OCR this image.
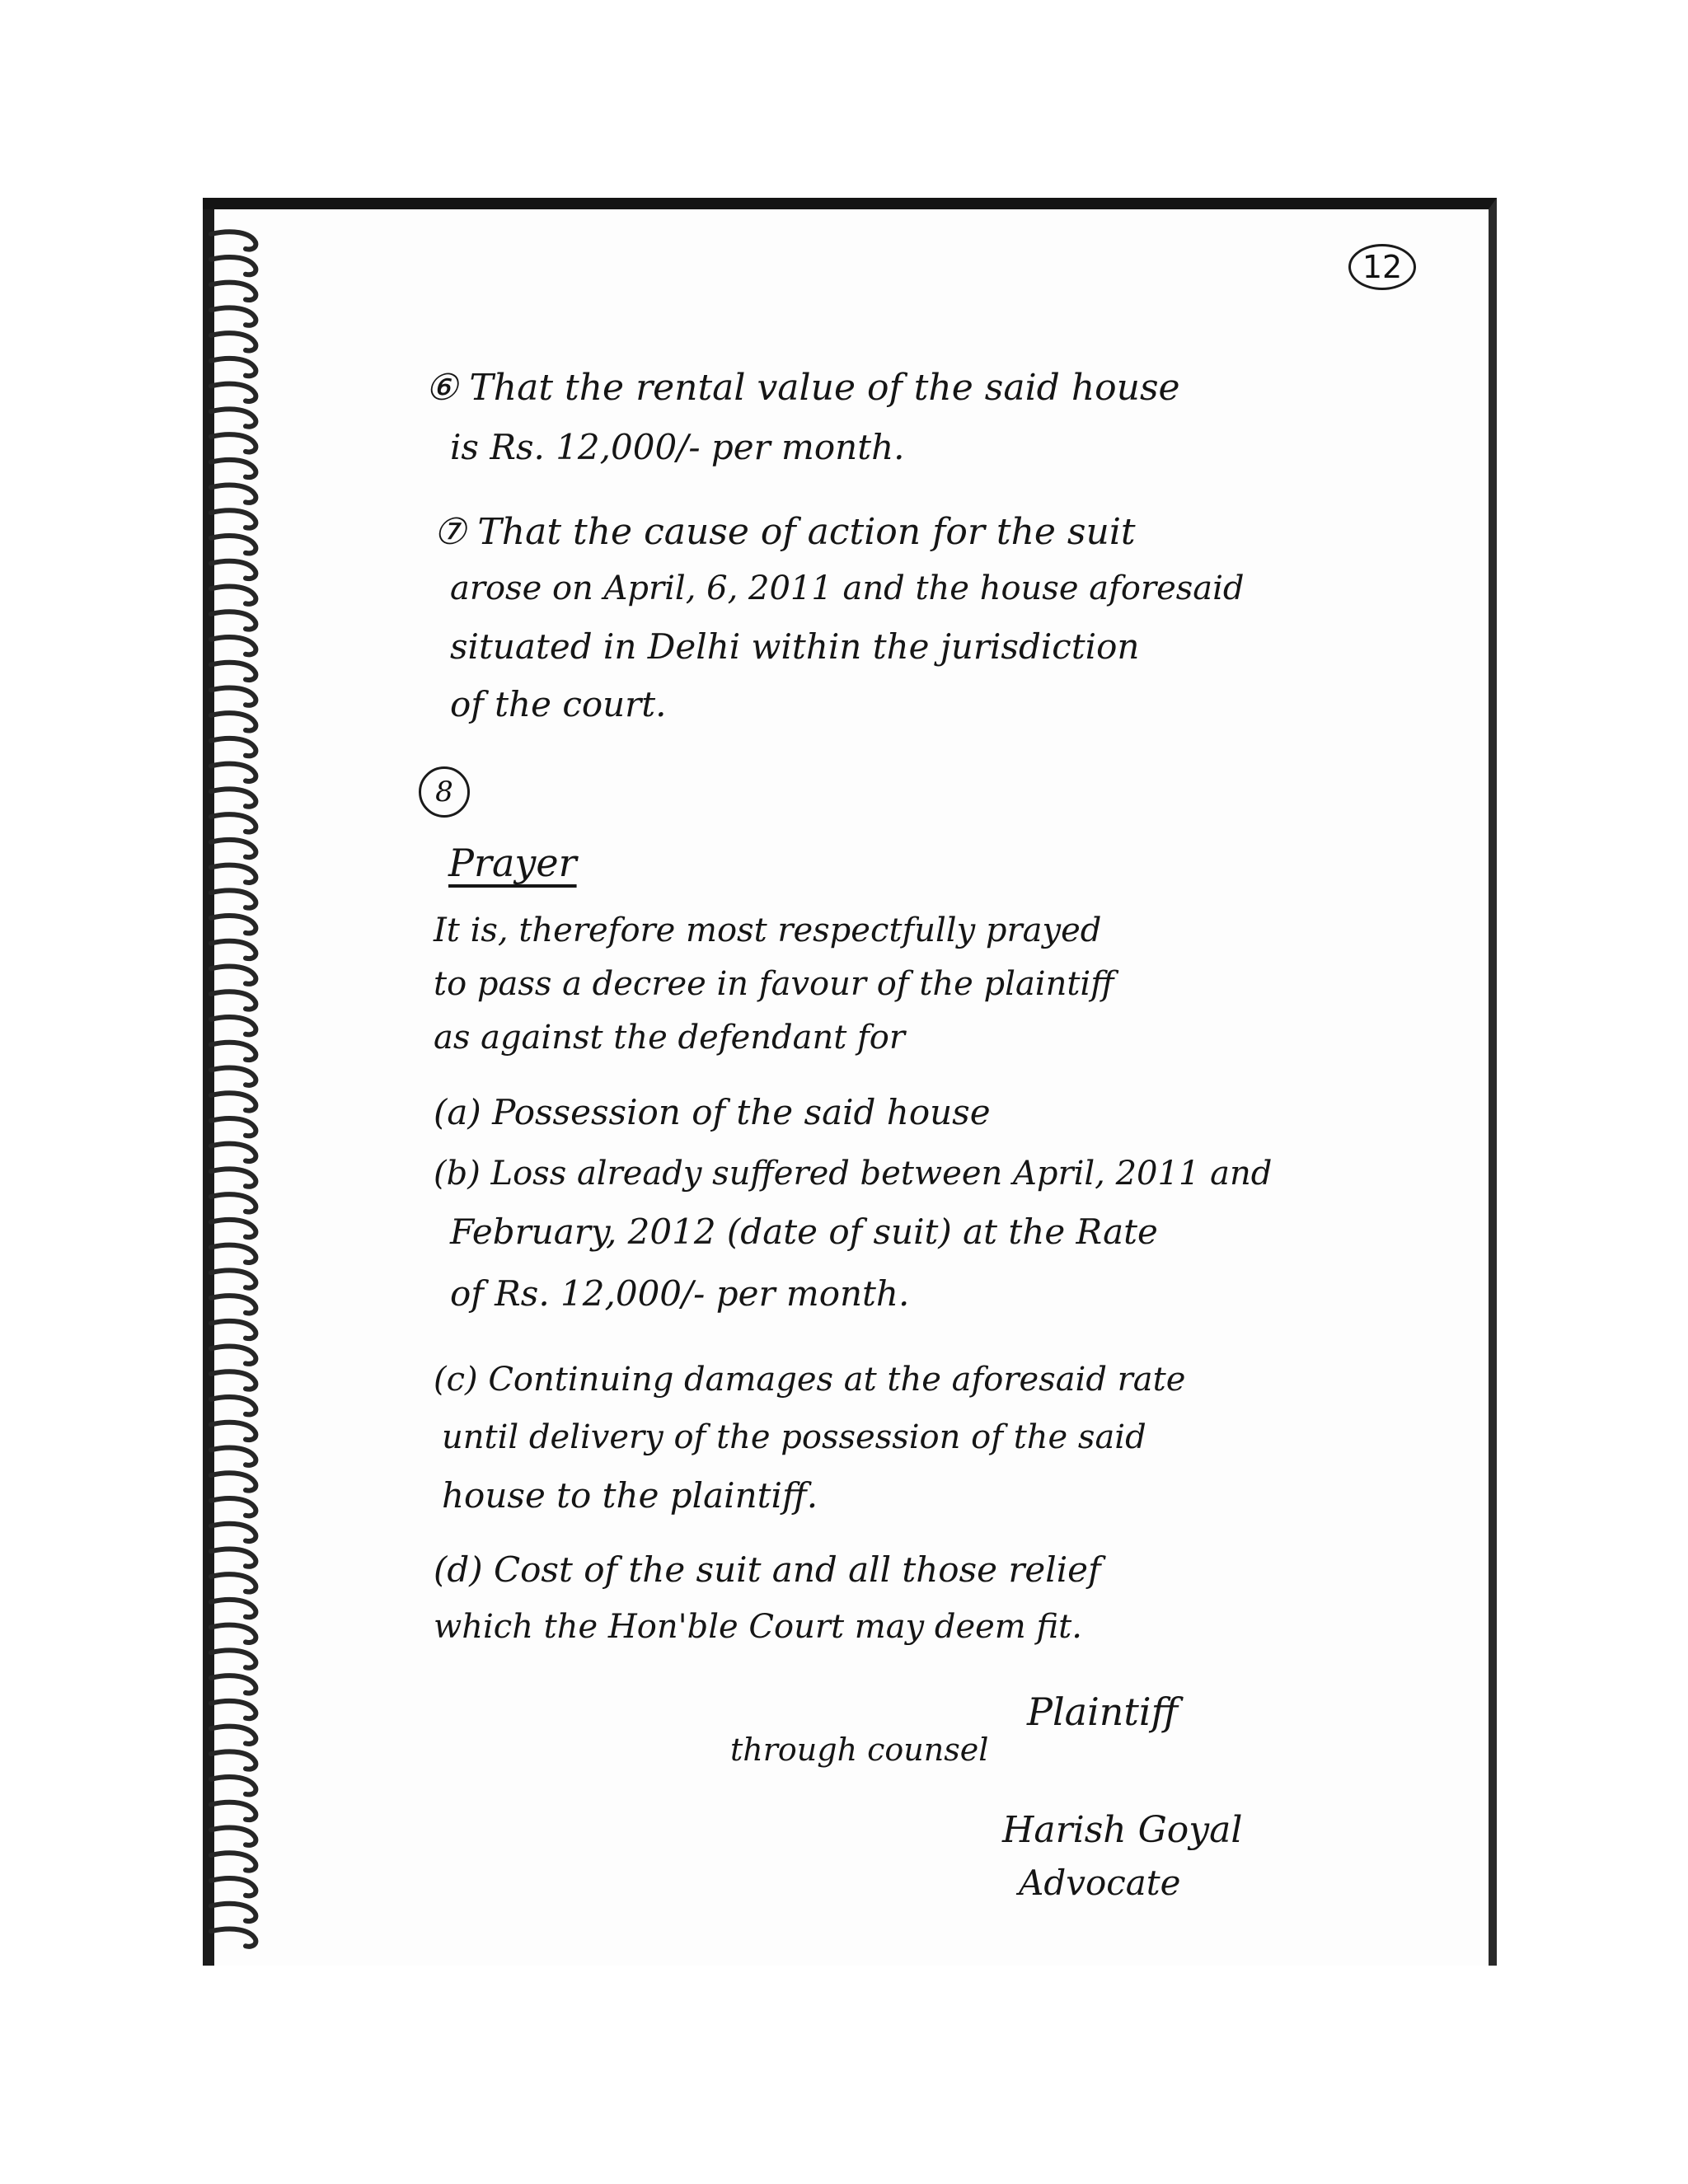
12
⑥ That the rental value of the said house
is Rs. 12,000/- per month.
⑦ That the cause of action for the suit
arose on April, 6, 2011 and the house aforesaid
situated in Delhi within the jurisdiction
of the court.
8
Prayer
It is, therefore most respectfully prayed
to pass a decree in favour of the plaintiff
as against the defendant for
(a) Possession of the said house
(b) Loss already suffered between April, 2011 and
February, 2012 (date of suit) at the Rate
of Rs. 12,000/- per month.
(c) Continuing damages at the aforesaid rate
until delivery of the possession of the said
house to the plaintiff.
(d) Cost of the suit and all those relief
which the Hon'ble Court may deem fit.
Plaintiff
through counsel
Harish Goyal
Advocate
